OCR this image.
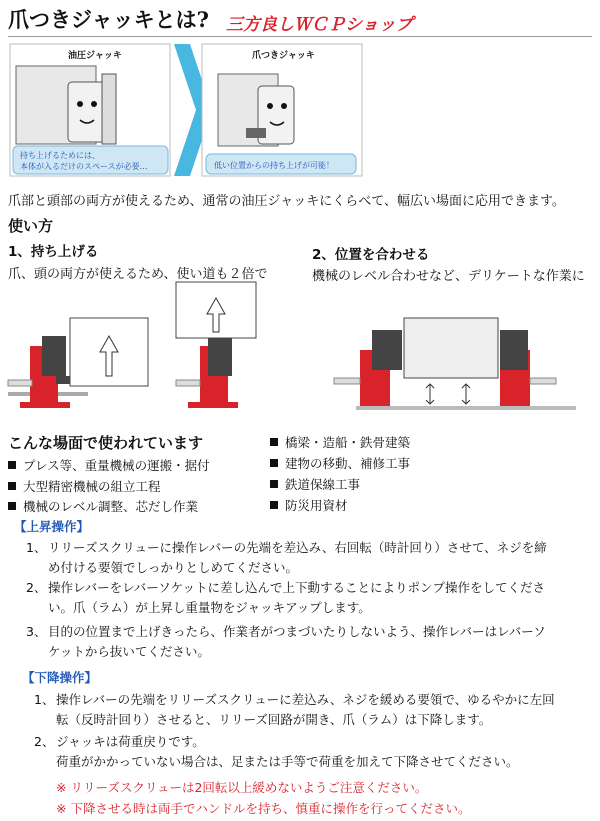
爪つきジャッキとは? 三方良しＷＣＰショップ
油圧ジャッキ
持ち上げるためには、
本体が入るだけのスペースが必要…
爪つきジャッキ
低い位置からの持ち上げが可能！
爪部と頭部の両方が使えるため、通常の油圧ジャッキにくらべて、幅広い場面に応用できます。
使い方
1、持ち上げる
爪、頭の両方が使えるため、使い道も２倍で
2、位置を合わせる
機械のレベル合わせなど、デリケートな作業に
こんな場面で使われています
プレス等、重量機械の運搬・据付
大型精密機械の組立工程
機械のレベル調整、芯だし作業
橋梁・造船・鉄骨建築
建物の移動、補修工事
鉄道保線工事
防災用資材
【上昇操作】
1、 リリーズスクリューに操作レバーの先端を差込み、右回転（時計回り）させて、ネジを締
め付ける要領でしっかりとしめてください。
2、 操作レバーをレバーソケットに差し込んで上下動することによりポンプ操作をしてくださ
い。爪（ラム）が上昇し重量物をジャッキアップします。
3、 目的の位置まで上げきったら、作業者がつまづいたりしないよう、操作レバーはレバーソ
ケットから抜いてください。
【下降操作】
1、 操作レバーの先端をリリーズスクリューに差込み、ネジを緩める要領で、ゆるやかに左回
転（反時計回り）させると、リリーズ回路が開き、爪（ラム）は下降します。
2、 ジャッキは荷重戻りです。
荷重がかかっていない場合は、足または手等で荷重を加えて下降させてください。
※ リリーズスクリューは2回転以上緩めないようご注意ください。
※ 下降させる時は両手でハンドルを持ち、慎重に操作を行ってください。
